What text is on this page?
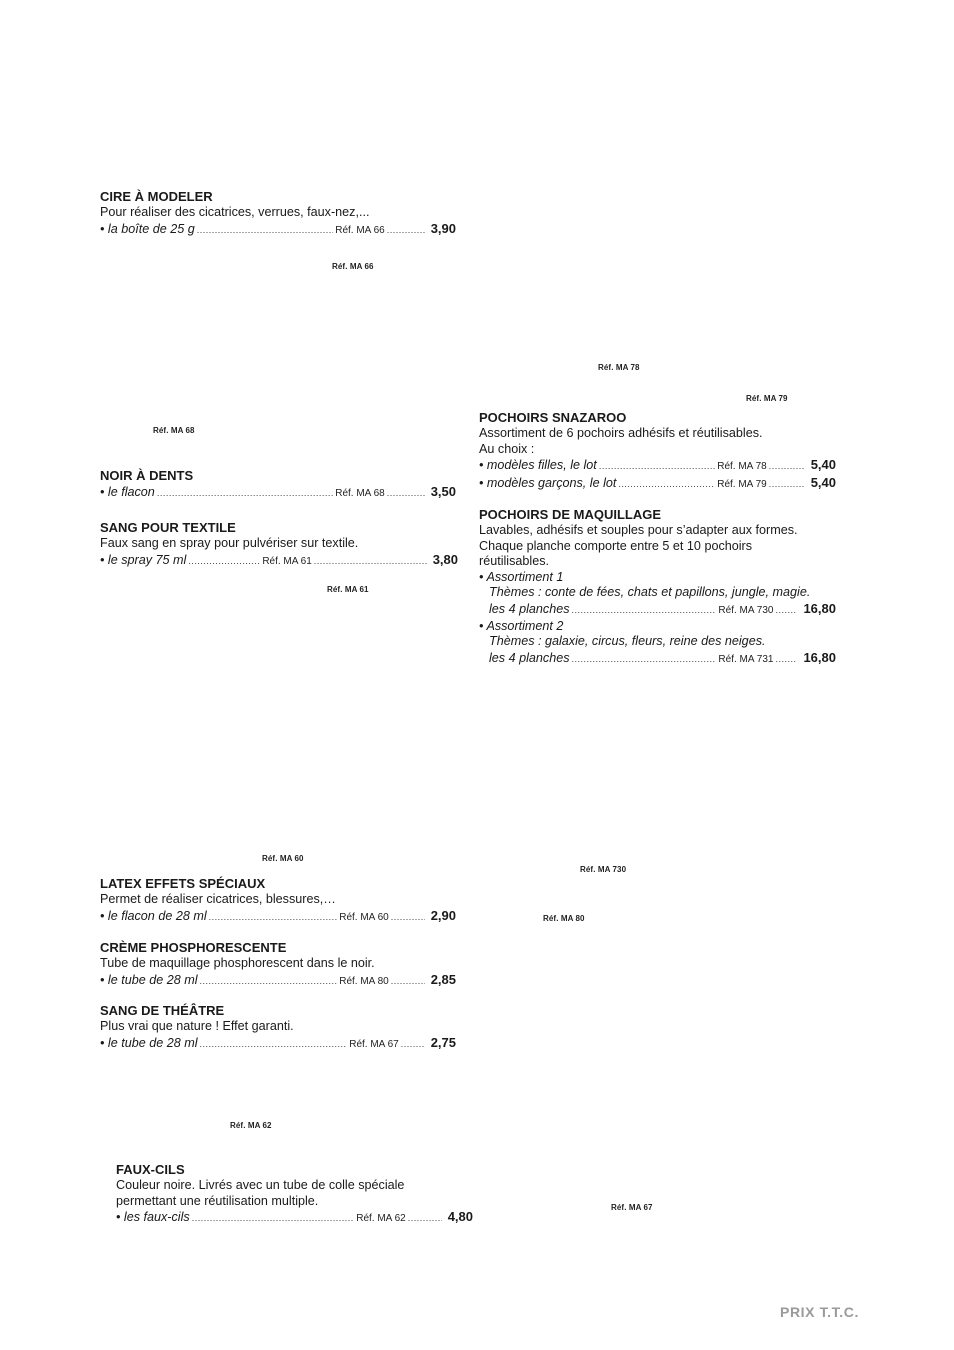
Réf. MA 66
Réf. MA 78
Réf. MA 79
Réf. MA 68
Réf. MA 61
Réf. MA 60
Réf. MA 730
Réf. MA 80
Réf. MA 62
Réf. MA 67
CIRE À MODELER

Pour réaliser des cicatrices, verrues, faux-nez,...

• la boîte de 25 g .....	Réf. MA 66 .....	3,90
NOIR À DENTS
• le flacon .....	Réf. MA 68 .....	3,50
SANG POUR TEXTILE

Faux sang en spray pour pulvériser sur textile.

• le spray 75 ml .....	Réf. MA 61 .....	3,80
POCHOIRS SNAZAROO

Assortiment de 6 pochoirs adhésifs et réutilisables.

Au choix :

• modèles filles, le lot .....	Réf. MA 78 .....	5,40
• modèles garçons, le lot .....	Réf. MA 79 .....	5,40
POCHOIRS DE MAQUILLAGE

Lavables, adhésifs et souples pour s’adapter aux formes.

Chaque planche comporte entre 5 et 10 pochoirs réutilisables.

• Assortiment 1

Thèmes : conte de fées, chats et papillons, jungle, magie.

les 4 planches .....	Réf. MA 730 ..... 16,80

• Assortiment 2

Thèmes : galaxie, circus, fleurs, reine des neiges.

les 4 planches .....	Réf. MA 731 ..... 16,80
LATEX EFFETS SPÉCIAUX

Permet de réaliser cicatrices, blessures,…

• le flacon de 28 ml .....	Réf. MA 60 .....	2,90
CRÈME PHOSPHORESCENTE

Tube de maquillage phosphorescent dans le noir.

• le tube de 28 ml .....	Réf. MA 80 .....	2,85
SANG DE THÉÂTRE

Plus vrai que nature ! Effet garanti.

• le tube de 28 ml .....	Réf. MA 67 ..... 2,75
FAUX-CILS

Couleur noire. Livrés avec un tube de colle spéciale

permettant une réutilisation multiple.

• les faux-cils .....	Réf. MA 62 .....	4,80
PRIX T.T.C.
